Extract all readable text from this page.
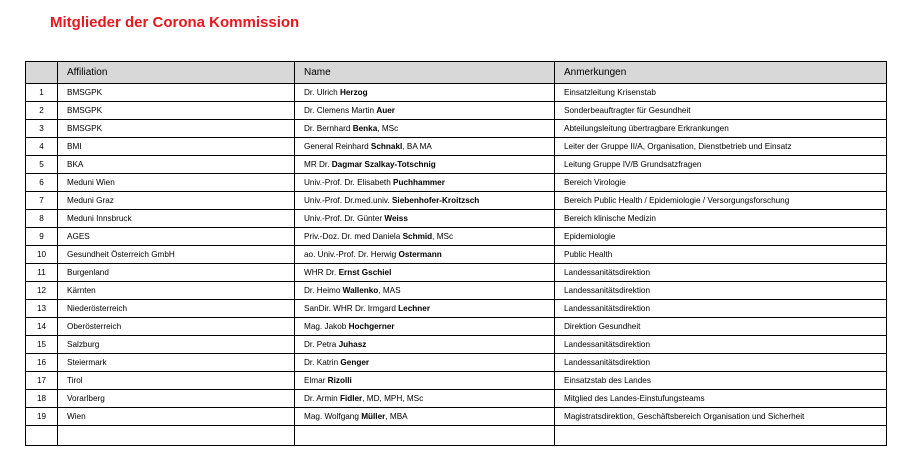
Mitglieder der Corona Kommission
	Affiliation	Name	Anmerkungen
1	BMSGPK	Dr. Ulrich Herzog	Einsatzleitung Krisenstab
2	BMSGPK	Dr. Clemens Martin Auer	Sonderbeauftragter für Gesundheit
3	BMSGPK	Dr. Bernhard Benka, MSc	Abteilungsleitung übertragbare Erkrankungen
4	BMI	General Reinhard Schnakl, BA MA	Leiter der Gruppe II/A, Organisation, Dienstbetrieb und Einsatz
5	BKA	MR Dr. Dagmar Szalkay-Totschnig	Leitung Gruppe IV/B Grundsatzfragen
6	Meduni Wien	Univ.-Prof. Dr. Elisabeth Puchhammer	Bereich Virologie
7	Meduni Graz	Univ.-Prof. Dr.med.univ. Siebenhofer-Kroitzsch	Bereich Public Health / Epidemiologie / Versorgungsforschung
8	Meduni Innsbruck	Univ.-Prof. Dr. Günter Weiss	Bereich klinische Medizin
9	AGES	Priv.-Doz. Dr. med Daniela Schmid, MSc	Epidemiologie
10	Gesundheit Österreich GmbH	ao. Univ.-Prof. Dr. Herwig Ostermann	Public Health
11	Burgenland	WHR Dr. Ernst Gschiel	Landessanitätsdirektion
12	Kärnten	Dr. Heimo Wallenko, MAS	Landessanitätsdirektion
13	Niederösterreich	SanDir. WHR Dr. Irmgard Lechner	Landessanitätsdirektion
14	Oberösterreich	Mag. Jakob Hochgerner	Direktion Gesundheit
15	Salzburg	Dr. Petra Juhasz	Landessanitätsdirektion
16	Steiermark	Dr. Katrin Genger	Landessanitätsdirektion
17	Tirol	Elmar Rizolli	Einsatzstab des Landes
18	Vorarlberg	Dr. Armin Fidler, MD, MPH, MSc	Mitglied des Landes-Einstufungsteams
19	Wien	Mag. Wolfgang Müller, MBA	Magistratsdirektion, Geschäftsbereich Organisation und Sicherheit
